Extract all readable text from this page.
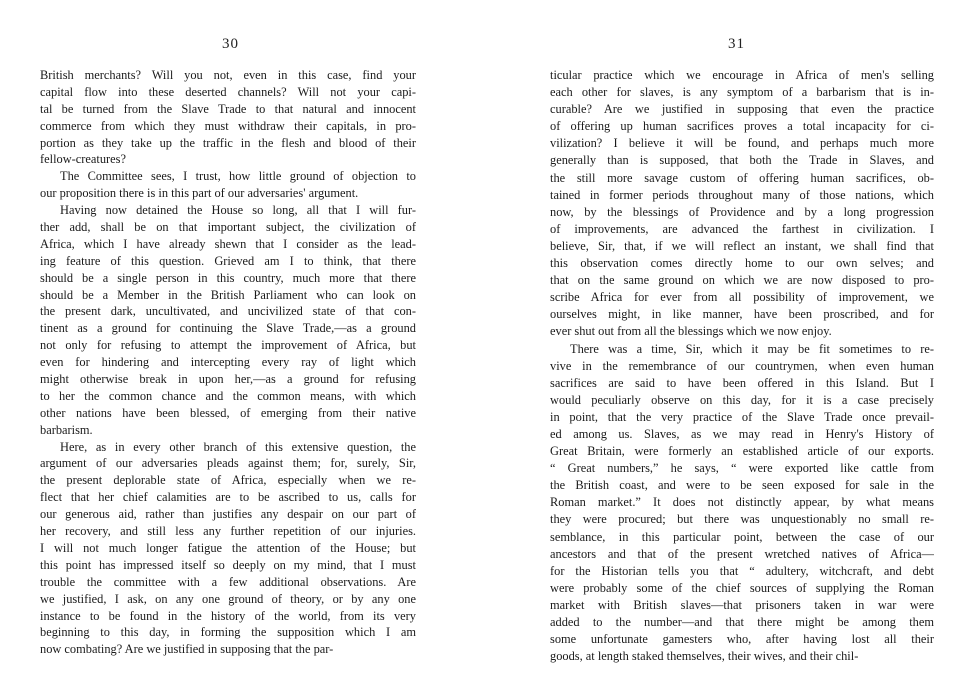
30
British merchants? Will you not, even in this case, find your
capital flow into these deserted channels? Will not your capi-
tal be turned from the Slave Trade to that natural and innocent
commerce from which they must withdraw their capitals, in pro-
portion as they take up the traffic in the flesh and blood of their
fellow-creatures?
The Committee sees, I trust, how little ground of objection to
our proposition there is in this part of our adversaries' argument.
Having now detained the House so long, all that I will fur-
ther add, shall be on that important subject, the civilization of
Africa, which I have already shewn that I consider as the lead-
ing feature of this question. Grieved am I to think, that there
should be a single person in this country, much more that there
should be a Member in the British Parliament who can look on
the present dark, uncultivated, and uncivilized state of that con-
tinent as a ground for continuing the Slave Trade,—as a ground
not only for refusing to attempt the improvement of Africa, but
even for hindering and intercepting every ray of light which
might otherwise break in upon her,—as a ground for refusing
to her the common chance and the common means, with which
other nations have been blessed, of emerging from their native
barbarism.
Here, as in every other branch of this extensive question, the
argument of our adversaries pleads against them; for, surely, Sir,
the present deplorable state of Africa, especially when we re-
flect that her chief calamities are to be ascribed to us, calls for
our generous aid, rather than justifies any despair on our part of
her recovery, and still less any further repetition of our injuries.
I will not much longer fatigue the attention of the House; but
this point has impressed itself so deeply on my mind, that I must
trouble the committee with a few additional observations. Are
we justified, I ask, on any one ground of theory, or by any one
instance to be found in the history of the world, from its very
beginning to this day, in forming the supposition which I am
now combating? Are we justified in supposing that the par-
31
ticular practice which we encourage in Africa of men's selling
each other for slaves, is any symptom of a barbarism that is in-
curable? Are we justified in supposing that even the practice
of offering up human sacrifices proves a total incapacity for ci-
vilization? I believe it will be found, and perhaps much more
generally than is supposed, that both the Trade in Slaves, and
the still more savage custom of offering human sacrifices, ob-
tained in former periods throughout many of those nations, which
now, by the blessings of Providence and by a long progression
of improvements, are advanced the farthest in civilization. I
believe, Sir, that, if we will reflect an instant, we shall find that
this observation comes directly home to our own selves; and
that on the same ground on which we are now disposed to pro-
scribe Africa for ever from all possibility of improvement, we
ourselves might, in like manner, have been proscribed, and for
ever shut out from all the blessings which we now enjoy.
There was a time, Sir, which it may be fit sometimes to re-
vive in the remembrance of our countrymen, when even human
sacrifices are said to have been offered in this Island. But I
would peculiarly observe on this day, for it is a case precisely
in point, that the very practice of the Slave Trade once prevail-
ed among us. Slaves, as we may read in Henry's History of
Great Britain, were formerly an established article of our exports.
“ Great numbers,” he says, “ were exported like cattle from
the British coast, and were to be seen exposed for sale in the
Roman market.” It does not distinctly appear, by what means
they were procured; but there was unquestionably no small re-
semblance, in this particular point, between the case of our
ancestors and that of the present wretched natives of Africa—
for the Historian tells you that “ adultery, witchcraft, and debt
were probably some of the chief sources of supplying the Roman
market with British slaves—that prisoners taken in war were
added to the number—and that there might be among them
some unfortunate gamesters who, after having lost all their
goods, at length staked themselves, their wives, and their chil-
